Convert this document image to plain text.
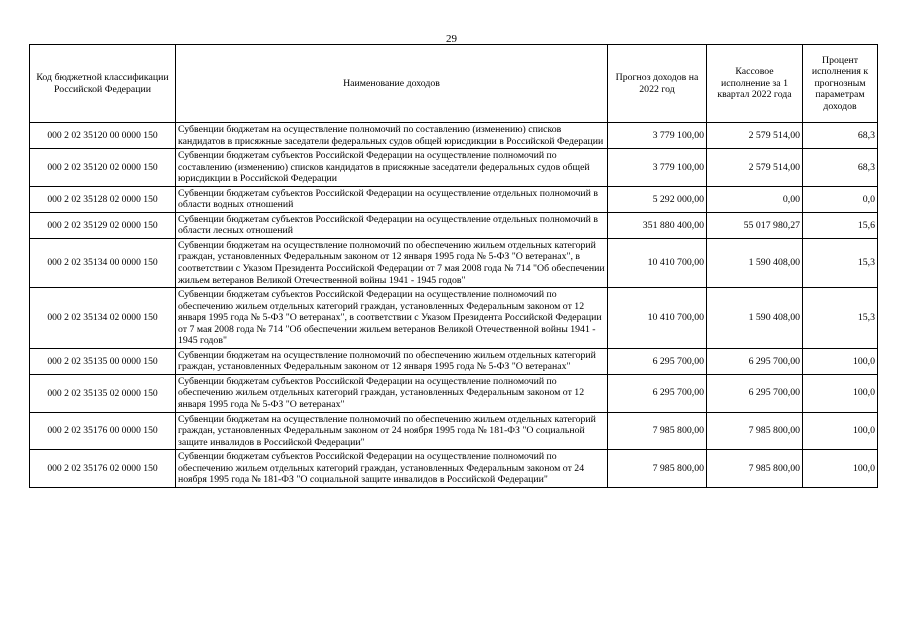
29
Код бюджетной классификации Российской Федерации	Наименование доходов	Прогноз доходов на 2022 год	Кассовое исполнение за 1 квартал 2022 года	Процент исполнения к прогнозным параметрам доходов
000 2 02 35120 00 0000 150	Субвенции бюджетам на осуществление полномочий по составлению (изменению) списков кандидатов в присяжные заседатели федеральных судов общей юрисдикции в Российской Федерации	3 779 100,00	2 579 514,00	68,3
000 2 02 35120 02 0000 150	Субвенции бюджетам субъектов Российской Федерации на осуществление полномочий по составлению (изменению) списков кандидатов в присяжные заседатели федеральных судов общей юрисдикции в Российской Федерации	3 779 100,00	2 579 514,00	68,3
000 2 02 35128 02 0000 150	Субвенции бюджетам субъектов Российской Федерации на осуществление отдельных полномочий в области водных отношений	5 292 000,00	0,00	0,0
000 2 02 35129 02 0000 150	Субвенции бюджетам субъектов Российской Федерации на осуществление отдельных полномочий в области лесных отношений	351 880 400,00	55 017 980,27	15,6
000 2 02 35134 00 0000 150	Субвенции бюджетам на осуществление полномочий по обеспечению жильем отдельных категорий граждан, установленных Федеральным законом от 12 января 1995 года № 5-ФЗ "О ветеранах", в соответствии с Указом Президента Российской Федерации от 7 мая 2008 года № 714 "Об обеспечении жильем ветеранов Великой Отечественной войны 1941 - 1945 годов"	10 410 700,00	1 590 408,00	15,3
000 2 02 35134 02 0000 150	Субвенции бюджетам субъектов Российской Федерации на осуществление полномочий по обеспечению жильем отдельных категорий граждан, установленных Федеральным законом от 12 января 1995 года № 5-ФЗ "О ветеранах", в соответствии с Указом Президента Российской Федерации от 7 мая 2008 года № 714 "Об обеспечении жильем ветеранов Великой Отечественной войны 1941 - 1945 годов"	10 410 700,00	1 590 408,00	15,3
000 2 02 35135 00 0000 150	Субвенции бюджетам на осуществление полномочий по обеспечению жильем отдельных категорий граждан, установленных Федеральным законом от 12 января 1995 года № 5-ФЗ "О ветеранах"	6 295 700,00	6 295 700,00	100,0
000 2 02 35135 02 0000 150	Субвенции бюджетам субъектов Российской Федерации на осуществление полномочий по обеспечению жильем отдельных категорий граждан, установленных Федеральным законом от 12 января 1995 года № 5-ФЗ "О ветеранах"	6 295 700,00	6 295 700,00	100,0
000 2 02 35176 00 0000 150	Субвенции бюджетам на осуществление полномочий по обеспечению жильем отдельных категорий граждан, установленных Федеральным законом от 24 ноября 1995 года № 181-ФЗ "О социальной защите инвалидов в Российской Федерации"	7 985 800,00	7 985 800,00	100,0
000 2 02 35176 02 0000 150	Субвенции бюджетам субъектов Российской Федерации на осуществление полномочий по обеспечению жильем отдельных категорий граждан, установленных Федеральным законом от 24 ноября 1995 года № 181-ФЗ "О социальной защите инвалидов в Российской Федерации"	7 985 800,00	7 985 800,00	100,0
